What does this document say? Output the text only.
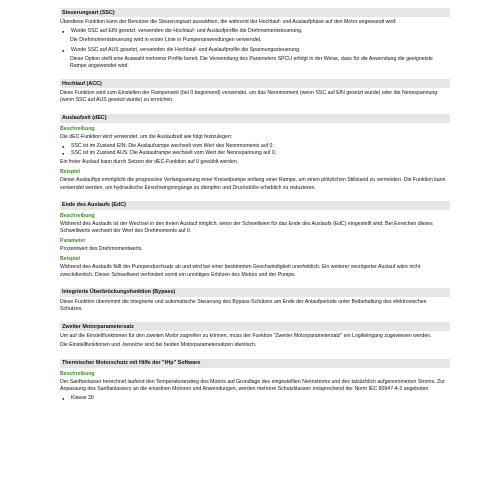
Steuerungsart (SSC)

Überdiese Funktion kann der Benutzer die Steuerungsart auswählen, die während der Hochlauf- und Auslaufphase auf den Motor angewandt wird:

● Wurde SSC auf EIN gesetzt, verwenden die Hochlauf- und Auslaufprofile die Drehmomentsteuerung.

Die Drehmomentsteuerung wird in erster Linie in Pumpenanwendungen verwendet.

● Wurde SSC auf AUS gesetzt, verwenden die Hochlauf- und Auslaufprofile die Spannungssteuerung.

Diese Option stellt eine Auswahl mehrerer Profile bereit. Die Verwendung des Parameters SPCU erfolgt in der Weise, dass für die Anwendung die geeignetste Rampe angewendet wird.

Hochlauf (ACC)

Diese Funktion wird zum Einstellen der Rampenzeit (bei 0 beginnend) verwendet, um das Nennmoment (wenn SSC auf EIN gesetzt wurde) oder die Nennspannung (wenn SSC auf AUS gesetzt wurde) zu erreichen.

Auslaufzeit (dEC)
Beschreibung

Die dEC-Funktion wird verwendet, um die Auslaufzeit wie folgt festzulegen:

● SSC ist im Zustand EIN: Die Auslauframpe wechselt vom Wert des Nennmoments auf 0.
● SSC ist im Zustand AUS: Die Auslauframpe wechselt vom Wert der Nennspannung auf 0.

Ein freier Auslauf kann durch Setzen der dEC-Funktion auf 0 gewählt werden.

Beispiel

Dieser Auslauftyp ermöglicht die progressive Verlangsamung einer Kreiselpumpe entlang einer Rampe, um einen plötzlichen Stillstand zu vermeiden. Die Funktion kann verwendet werden, um hydraulische Einschwingvorgänge zu dämpfen und Druckstöße erheblich zu reduzieren.

Ende des Auslaufs (EdC)
Beschreibung

Während des Auslaufs ist der Wechsel in den freien Auslauf möglich, wenn der Schwellwert für das Ende des Auslaufs (EdC) eingestellt wird. Bei Erreichen dieses Schwellwerts wechselt der Wert des Drehmoments auf 0.

Parameter

Prozentwert des Drehmomentwerts.

Beispiel

Während des Auslaufs fällt der Pumpendurchsatz ab und wird bei einer bestimmten Geschwindigkeit unerheblich. Ein weiterer verzögerter Auslauf wäre nicht zweckdienlich. Dieser Schwellwert verhindert somit ein unnötiges Erhitzen des Motors und der Pumpe.

Integrierte Überbrückungsfunktion (Bypass)

Diese Funktion übernimmt die integrierte und automatische Steuerung des Bypass-Schützes am Ende der Anlaufperiode unter Beibehaltung des elektronischen Schutzes.

Zweiter Motorparametersatz

Um auf die Einstellfunktionen für den zweiten Motor zugreifen zu können, muss der Funktion "Zweiter Motorparametersatz" ein Logikeingang zugewiesen werden.

Die Einstellfunktionen und -bereiche sind bei beiden Motorparametersätzen identisch.

Thermischer Motorschutz mit Hilfe der "tHp" Software
Beschreibung

Der Sanftanlasser berechnet laufend den Temperaturanstieg des Motors auf Grundlage des eingestellten Nennstroms und des tatsächlich aufgenommenen Stroms. Zur Anpassung des Sanftanlassers an die einzelnen Motoren und Anwendungen, werden mehrere Schutzklassen entsprechend der Norm IEC 60947-4-2 angeboten.

● Klasse 30
